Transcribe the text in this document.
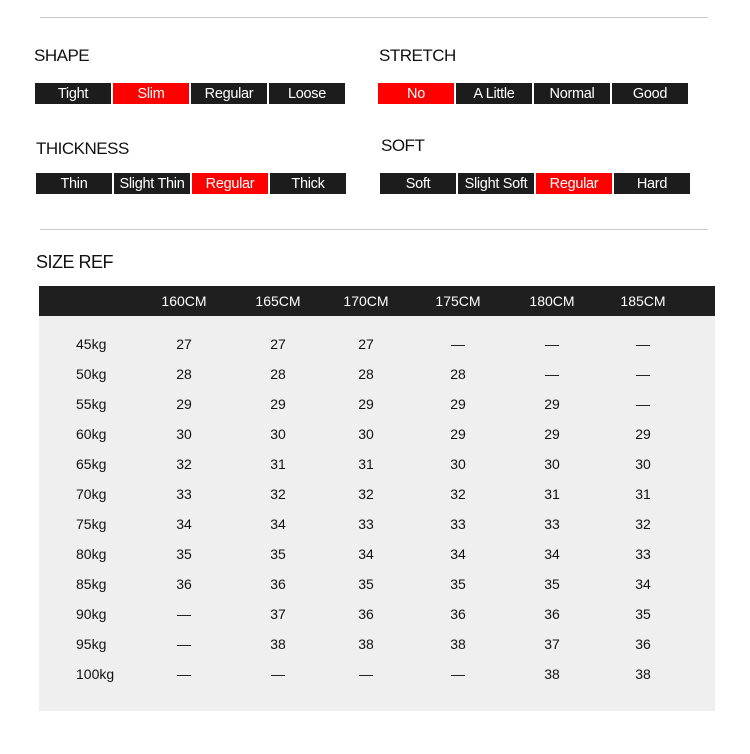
SHAPE
Tight	Slim	Regular	Loose
STRETCH
No	A Little	Normal	Good
THICKNESS
Thin	Slight Thin	Regular	Thick
SOFT
Soft	Slight Soft	Regular	Hard
SIZE REF
160CM	165CM	170CM	175CM	180CM	185CM
45kg	27	27	27	—	—	—
50kg	28	28	28	28	—	—
55kg	29	29	29	29	29	—
60kg	30	30	30	29	29	29
65kg	32	31	31	30	30	30
70kg	33	32	32	32	31	31
75kg	34	34	33	33	33	32
80kg	35	35	34	34	34	33
85kg	36	36	35	35	35	34
90kg	—	37	36	36	36	35
95kg	—	38	38	38	37	36
100kg	—	—	—	—	38	38
